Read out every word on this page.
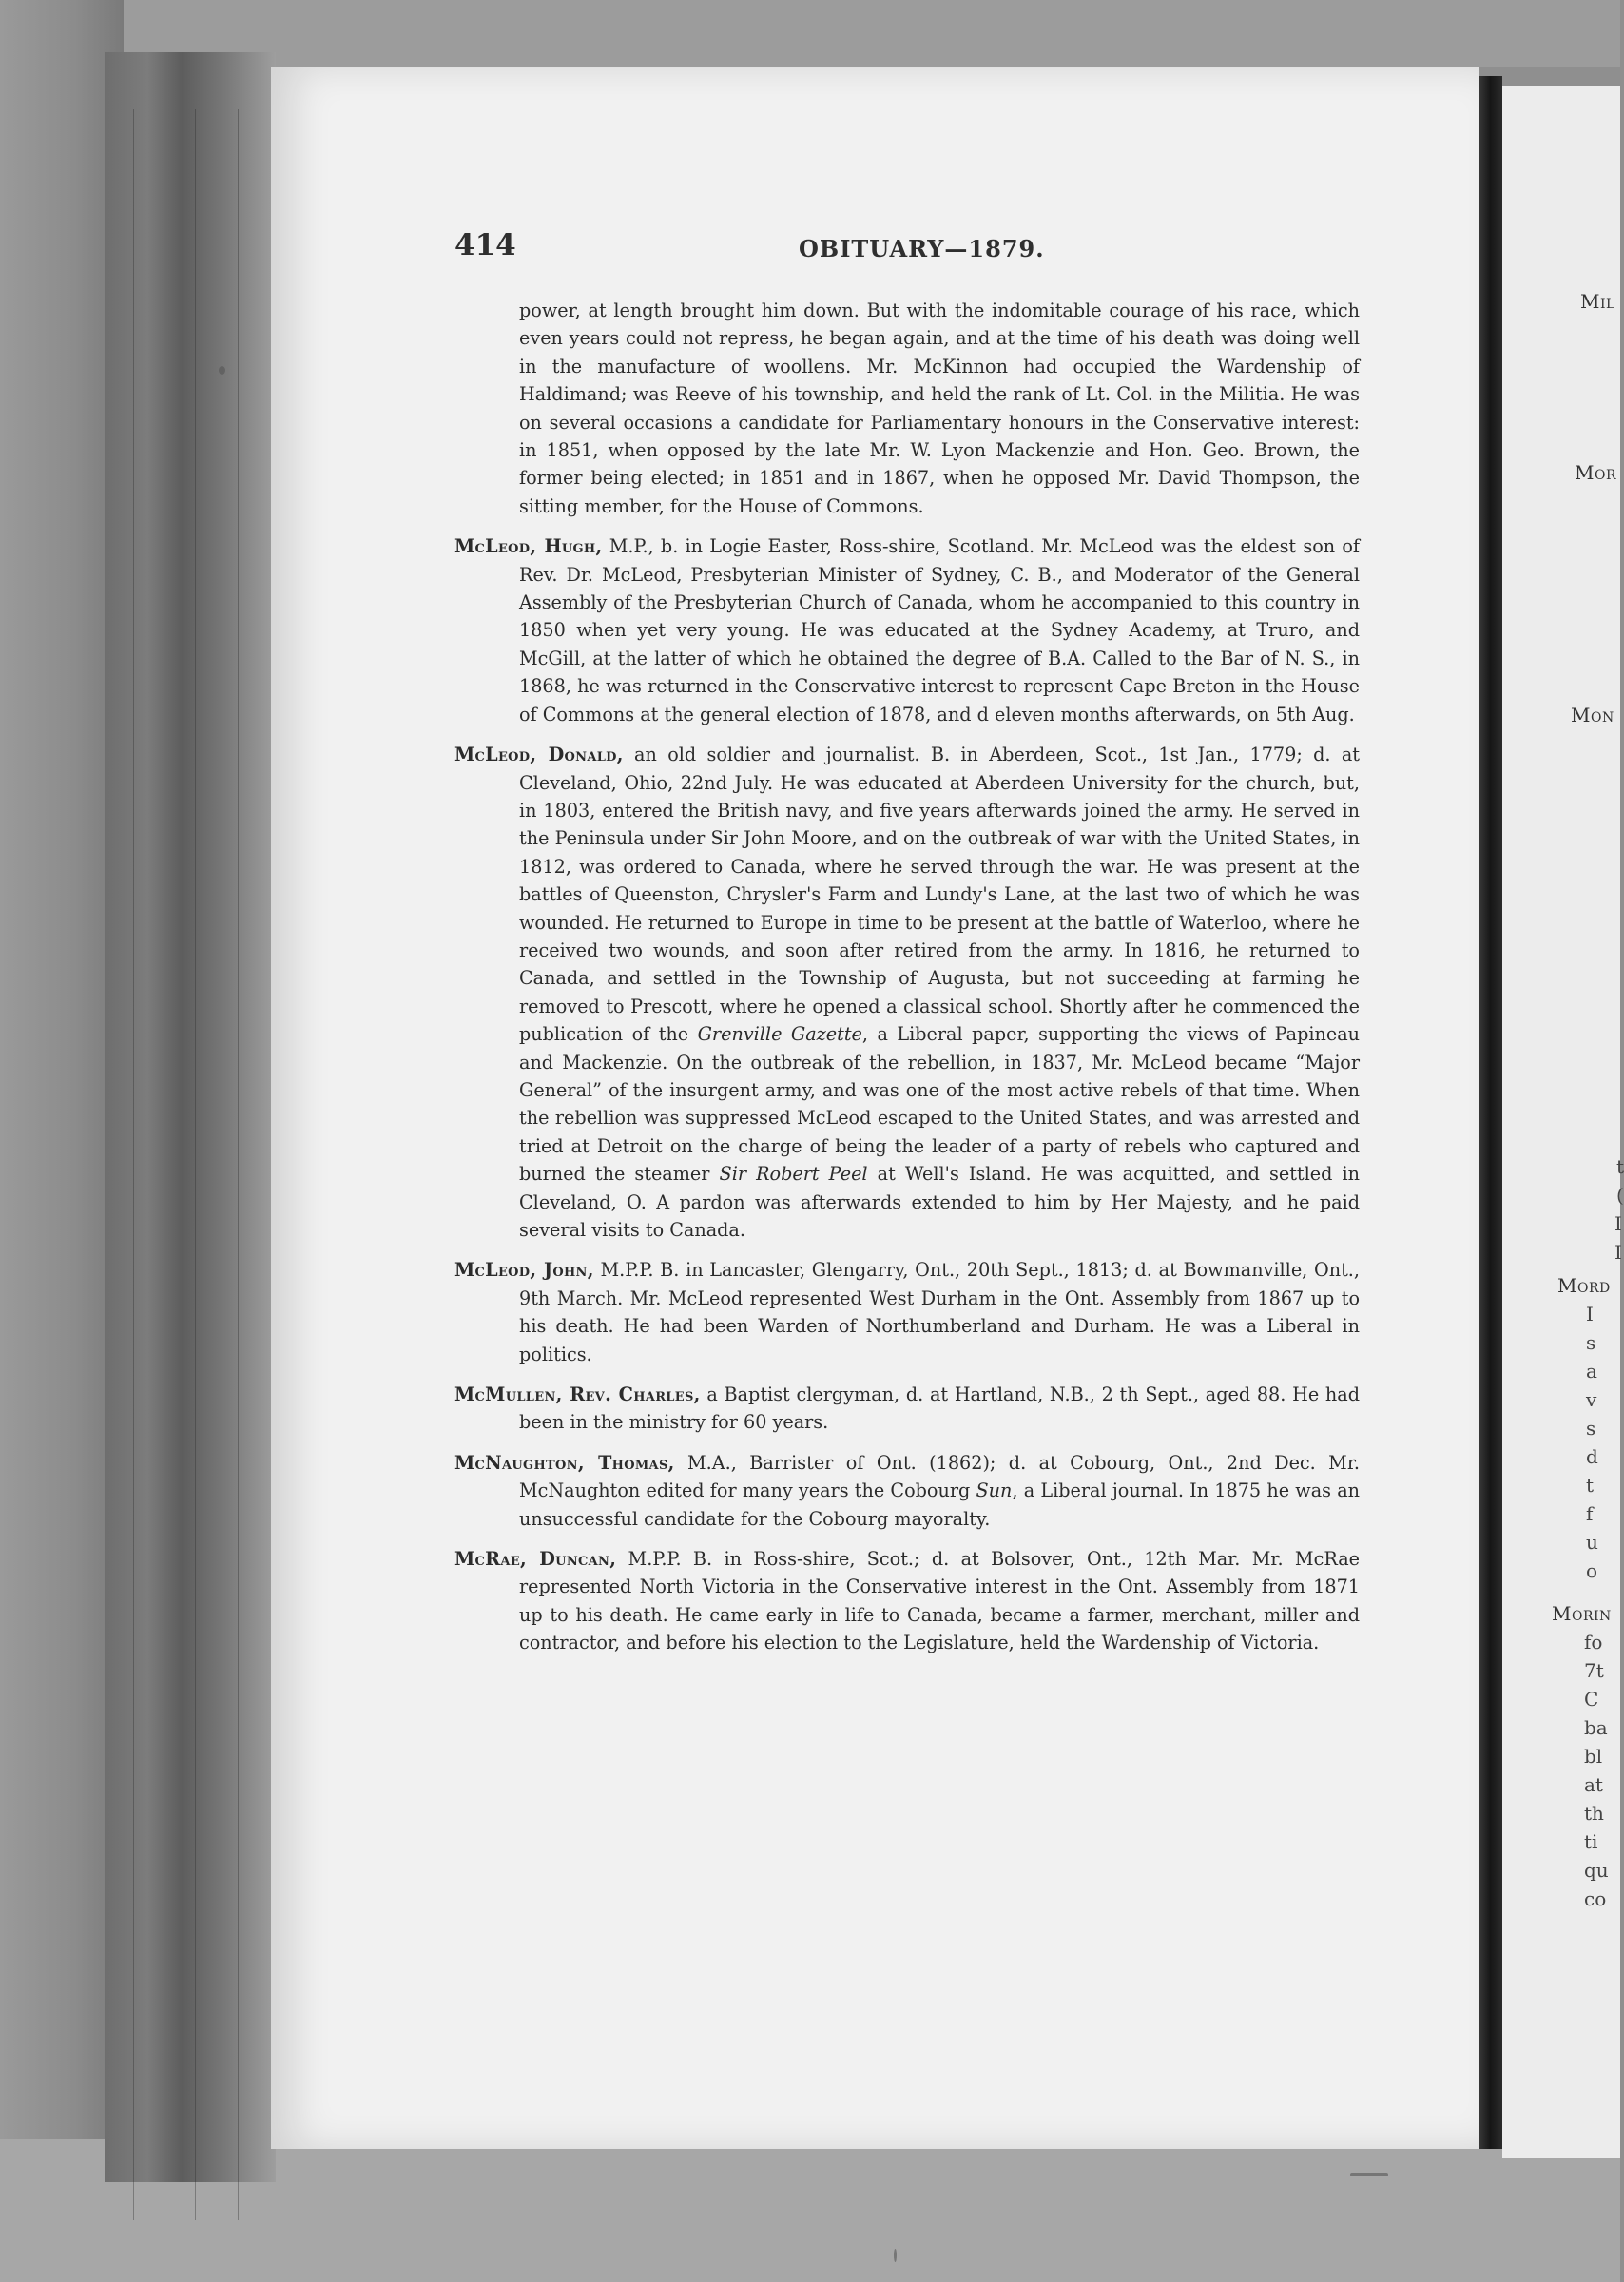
Mil
Mor
Mon
Mord
Morin
t
(
I
I
I
s
a
v
s
d
t
f
u
o
fo
7t
C
ba
bl
at
th
ti
qu
co
414	OBITUARY—1879.

power, at length brought him down. But with the indomitable courage of his race, which even years could not repress, he began again, and at the time of his death was doing well in the manufacture of woollens. Mr. McKinnon had occupied the Wardenship of Haldimand; was Reeve of his township, and held the rank of Lt. Col. in the Militia. He was on several occasions a candidate for Parliamentary honours in the Conservative interest: in 1851, when opposed by the late Mr. W. Lyon Mackenzie and Hon. Geo. Brown, the former being elected; in 1851 and in 1867, when he opposed Mr. David Thompson, the sitting member, for the House of Commons.

McLeod, Hugh, M.P., b. in Logie Easter, Ross-shire, Scotland. Mr. McLeod was the eldest son of Rev. Dr. McLeod, Presbyterian Minister of Sydney, C. B., and Moderator of the General Assembly of the Presbyterian Church of Canada, whom he accompanied to this country in 1850 when yet very young. He was educated at the Sydney Academy, at Truro, and McGill, at the latter of which he obtained the degree of B.A. Called to the Bar of N. S., in 1868, he was returned in the Conservative interest to represent Cape Breton in the House of Commons at the general election of 1878, and d eleven months afterwards, on 5th Aug.

McLeod, Donald, an old soldier and journalist. B. in Aberdeen, Scot., 1st Jan., 1779; d. at Cleveland, Ohio, 22nd July. He was educated at Aberdeen University for the church, but, in 1803, entered the British navy, and five years afterwards joined the army. He served in the Peninsula under Sir John Moore, and on the outbreak of war with the United States, in 1812, was ordered to Canada, where he served through the war. He was present at the battles of Queenston, Chrysler's Farm and Lundy's Lane, at the last two of which he was wounded. He returned to Europe in time to be present at the battle of Waterloo, where he received two wounds, and soon after retired from the army. In 1816, he returned to Canada, and settled in the Township of Augusta, but not succeeding at farming he removed to Prescott, where he opened a classical school. Shortly after he commenced the publication of the Grenville Gazette, a Liberal paper, supporting the views of Papineau and Mackenzie. On the outbreak of the rebellion, in 1837, Mr. McLeod became “Major General” of the insurgent army, and was one of the most active rebels of that time. When the rebellion was suppressed McLeod escaped to the United States, and was arrested and tried at Detroit on the charge of being the leader of a party of rebels who captured and burned the steamer Sir Robert Peel at Well's Island. He was acquitted, and settled in Cleveland, O. A pardon was afterwards extended to him by Her Majesty, and he paid several visits to Canada.

McLeod, John, M.P.P. B. in Lancaster, Glengarry, Ont., 20th Sept., 1813; d. at Bowmanville, Ont., 9th March. Mr. McLeod represented West Durham in the Ont. Assembly from 1867 up to his death. He had been Warden of Northumberland and Durham. He was a Liberal in politics.

McMullen, Rev. Charles, a Baptist clergyman, d. at Hartland, N.B., 2 th Sept., aged 88. He had been in the ministry for 60 years.

McNaughton, Thomas, M.A., Barrister of Ont. (1862); d. at Cobourg, Ont., 2nd Dec. Mr. McNaughton edited for many years the Cobourg Sun, a Liberal journal. In 1875 he was an unsuccessful candidate for the Cobourg mayoralty.

McRae, Duncan, M.P.P. B. in Ross-shire, Scot.; d. at Bolsover, Ont., 12th Mar. Mr. McRae represented North Victoria in the Conservative interest in the Ont. Assembly from 1871 up to his death. He came early in life to Canada, became a farmer, merchant, miller and contractor, and before his election to the Legislature, held the Wardenship of Victoria.
